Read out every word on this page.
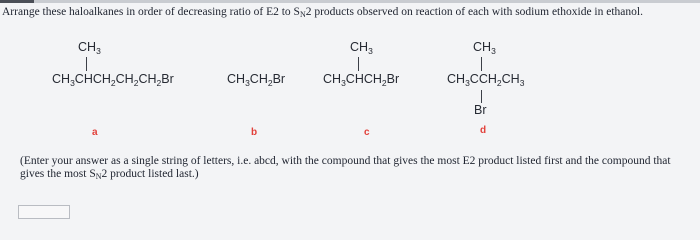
Arrange these haloalkanes in order of decreasing ratio of E2 to $S_N2$ products observed on reaction of each with sodium ethoxide in ethanol.
$CH_3$
$CH_3CHCH_2CH_2CH_2Br$	$CH_3CH_2Br$
$CH_3$
$CH_3CHCH_2Br$
$CH_3$
$CH_3CCH_2CH_3$
Br
a	b	c	d
(Enter your answer as a single string of letters, i.e. abcd, with the compound that gives the most E2 product listed first and the compound that
gives the most $S_N2$ product listed last.)
